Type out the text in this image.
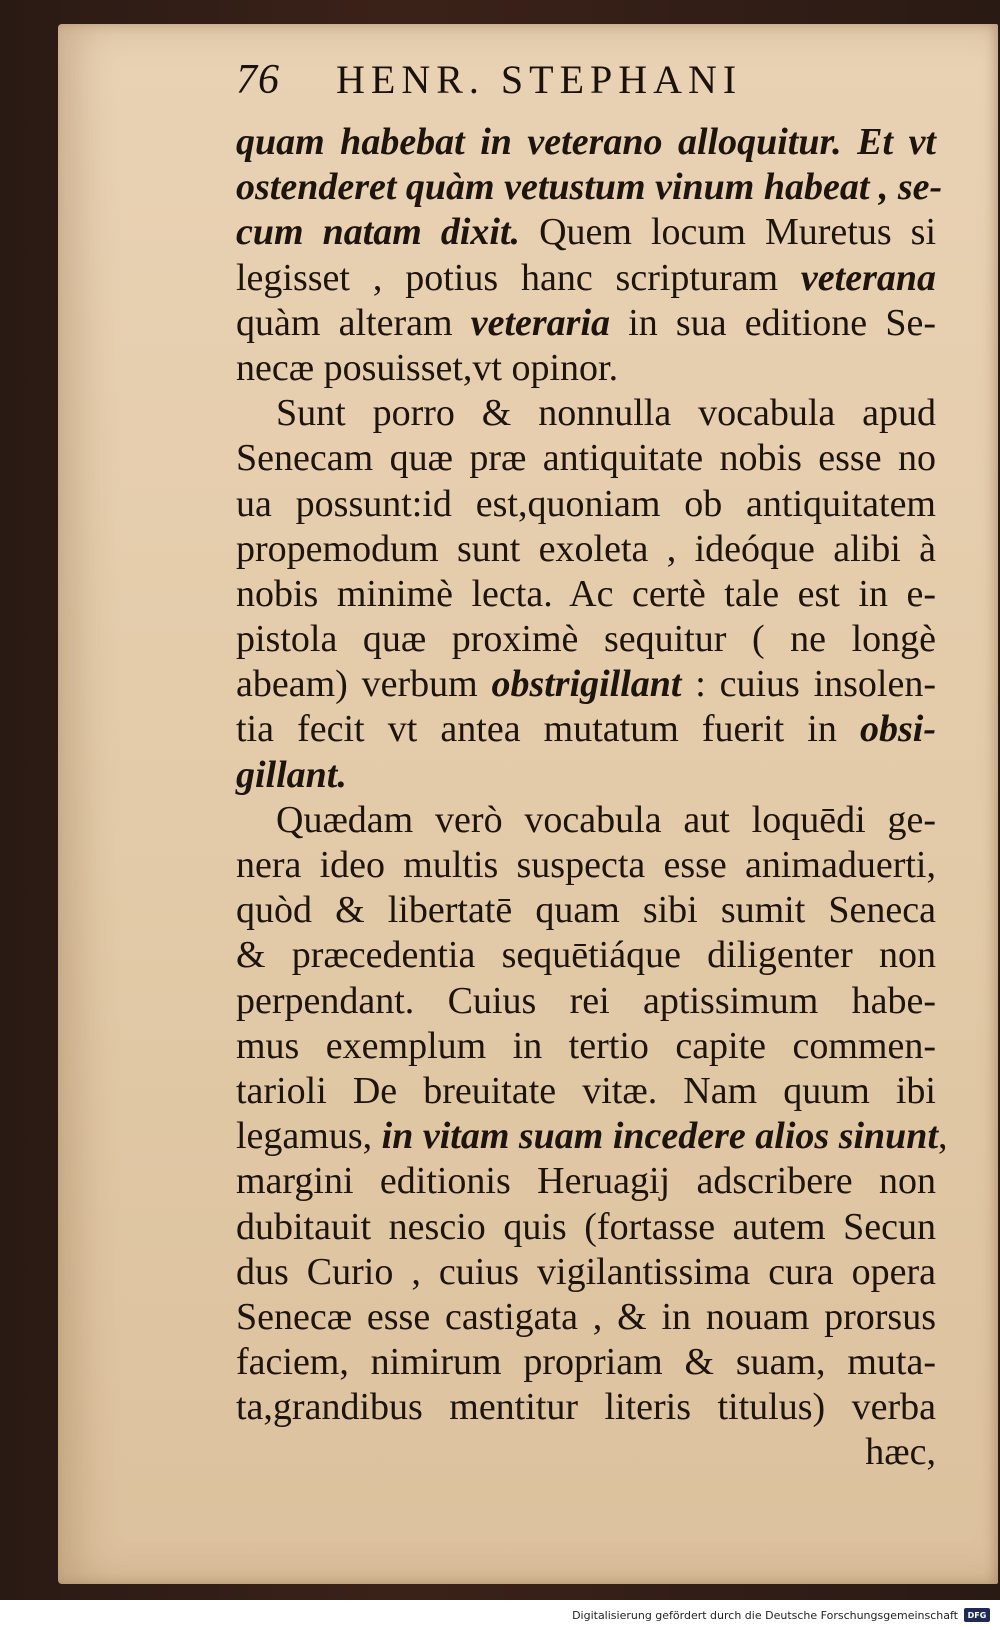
76 HENR. STEPHANI
quam habebat in veterano alloquitur. Et vt
ostenderet quàm vetustum vinum habeat , se-
cum natam dixit. Quem locum Muretus si
legisset , potius hanc scripturam veterana
quàm alteram veteraria in sua editione Se-
necæ posuisset,vt opinor.
Sunt porro & nonnulla vocabula apud
Senecam quæ præ antiquitate nobis esse no
ua possunt:id est,quoniam ob antiquitatem
propemodum sunt exoleta , ideóque alibi à
nobis minimè lecta. Ac certè tale est in e-
pistola quæ proximè sequitur ( ne longè
abeam) verbum obstrigillant : cuius insolen-
tia fecit vt antea mutatum fuerit in obsi-
gillant.
Quædam verò vocabula aut loquēdi ge-
nera ideo multis suspecta esse animaduerti,
quòd & libertatē quam sibi sumit Seneca
& præcedentia sequētiáque diligenter non
perpendant. Cuius rei aptissimum habe-
mus exemplum in tertio capite commen-
tarioli De breuitate vitæ. Nam quum ibi
legamus, in vitam suam incedere alios sinunt,
margini editionis Heruagij adscribere non
dubitauit nescio quis (fortasse autem Secun
dus Curio , cuius vigilantissima cura opera
Senecæ esse castigata , & in nouam prorsus
faciem, nimirum propriam & suam, muta-
ta,grandibus mentitur literis titulus) verba
hæc,
Digitalisierung gefördert durch die Deutsche Forschungsgemeinschaft	DFG
